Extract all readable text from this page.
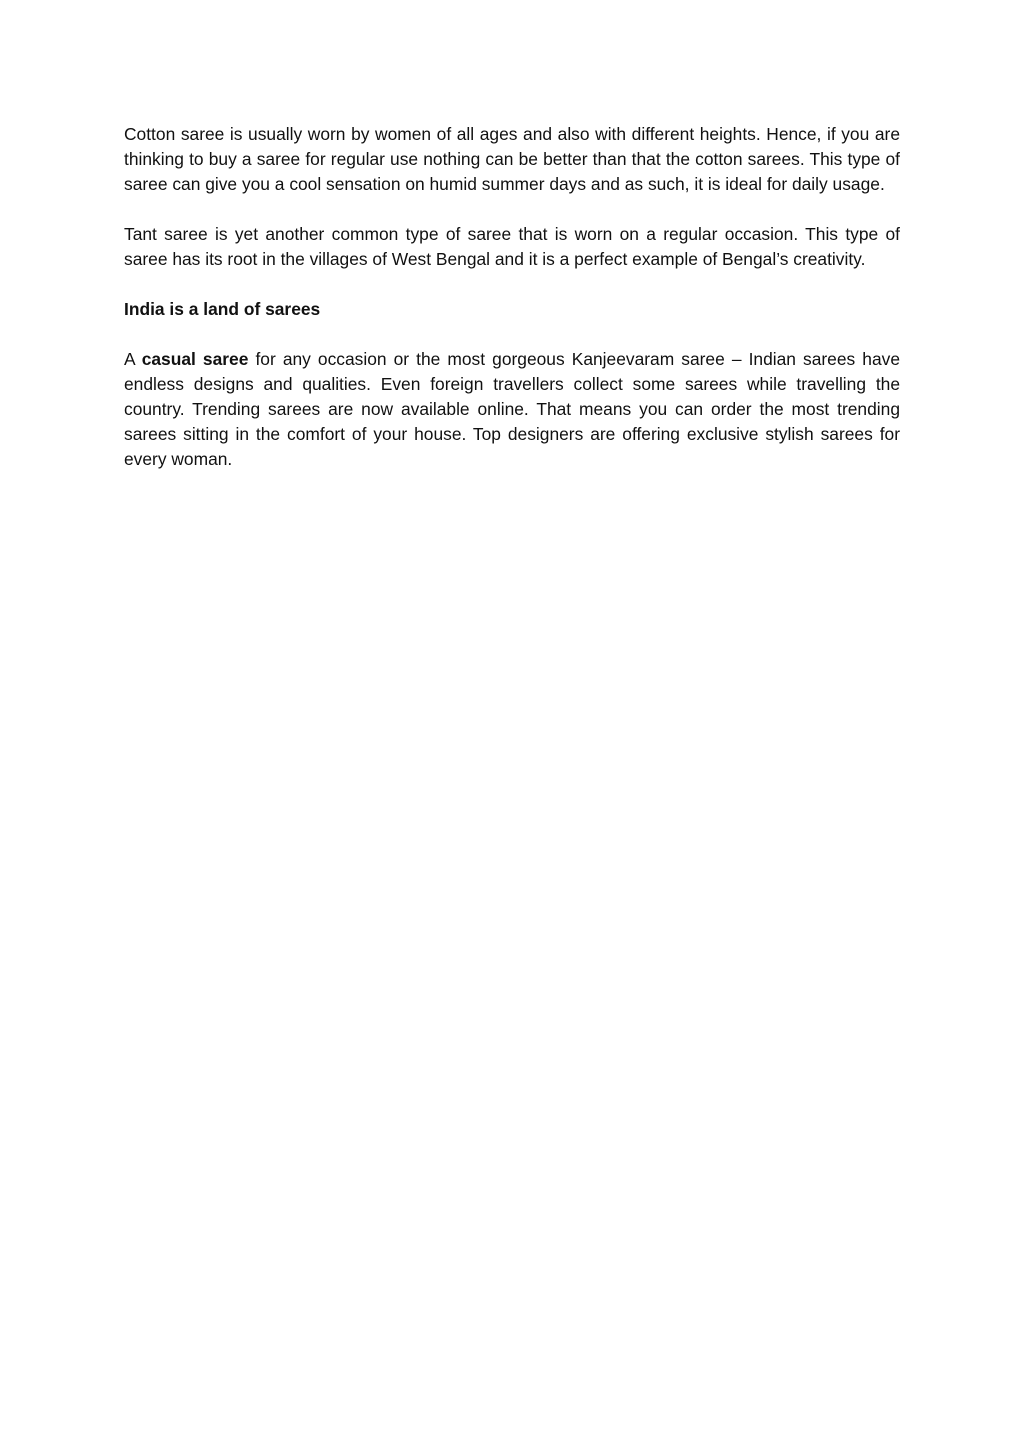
Cotton saree is usually worn by women of all ages and also with different heights. Hence, if you are thinking to buy a saree for regular use nothing can be better than that the cotton sarees. This type of saree can give you a cool sensation on humid summer days and as such, it is ideal for daily usage.

Tant saree is yet another common type of saree that is worn on a regular occasion. This type of saree has its root in the villages of West Bengal and it is a perfect example of Bengal’s creativity.

India is a land of sarees

A casual saree for any occasion or the most gorgeous Kanjeevaram saree – Indian sarees have endless designs and qualities. Even foreign travellers collect some sarees while travelling the country. Trending sarees are now available online. That means you can order the most trending sarees sitting in the comfort of your house. Top designers are offering exclusive stylish sarees for every woman.
